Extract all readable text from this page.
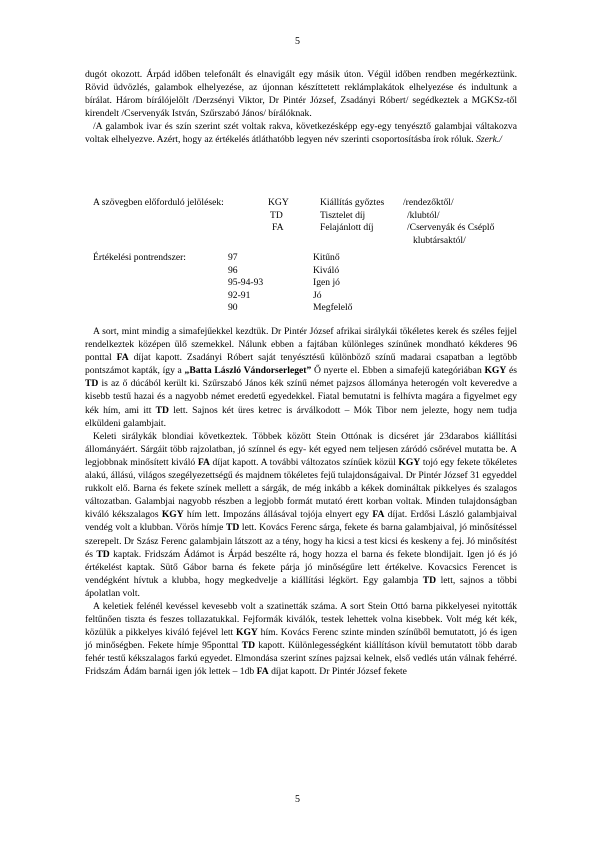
5

dugót okozott. Árpád időben telefonált és elnavigált egy másik úton. Végül időben rendben megérkeztünk. Rövid üdvözlés, galambok elhelyezése, az újonnan készíttetett reklámplakátok elhelyezése és indultunk a bírálat. Három bírálójelölt /Derzsényi Viktor, Dr Pintér József, Zsadányi Róbert/ segédkeztek a MGKSz-től kirendelt /Cservenyák István, Szűrszabó János/ bírálóknak.

/A galambok ivar és szín szerint szét voltak rakva, következésképp egy-egy tenyésztő galambjai váltakozva voltak elhelyezve. Azért, hogy az értékelés átláthatóbb legyen név szerinti csoportosításba írok róluk. Szerk./

A szövegben előforduló jelölések:	KGY	Kiállítás győztes /rendezőktől/
TD	Tisztelet díj	/klubtól/
FA	Felajánlott díj	/Cservenyák és Cséplő
klubtársaktól/
Értékelési pontrendszer:	97	Kitűnő
96	Kiváló
95-94-93	Igen jó
92-91	Jó
90	Megfelelő

A sort, mint mindig a simafejűekkel kezdtük. Dr Pintér József afrikai sirálykái tökéletes kerek és széles fejjel rendelkeztek középen ülő szemekkel. Nálunk ebben a fajtában különleges színűnek mondható kékderes 96 ponttal FA díjat kapott. Zsadányi Róbert saját tenyésztésű különböző színű madarai csapatban a legtöbb pontszámot kapták, így a „Batta László Vándorserleget” Ő nyerte el. Ebben a simafejű kategóriában KGY és TD is az ő dúcából került ki. Szűrszabó János kék színű német pajzsos állománya heterogén volt keveredve a kisebb testű hazai és a nagyobb német eredetű egyedekkel. Fiatal bemutatni is felhívta magára a figyelmet egy kék hím, ami itt TD lett. Sajnos két üres ketrec is árválkodott – Mók Tibor nem jelezte, hogy nem tudja elküldeni galambjait.

Keleti sirálykák blondiai következtek. Többek között Stein Ottónak is dicséret jár 23darabos kiállítási állományáért. Sárgáit több rajzolatban, jó színnel és egy- két egyed nem teljesen záródó csőrével mutatta be. A legjobbnak minősített kiváló FA díjat kapott. A további változatos színűek közül KGY tojó egy fekete tökéletes alakú, állású, világos szegélyezettségű és majdnem tökéletes fejű tulajdonságaival. Dr Pintér József 31 egyeddel rukkolt elő. Barna és fekete színek mellett a sárgák, de még inkább a kékek domináltak pikkelyes és szalagos változatban. Galambjai nagyobb részben a legjobb formát mutató érett korban voltak. Minden tulajdonságban kiváló kékszalagos KGY hím lett. Impozáns állásával tojója elnyert egy FA díjat. Erdősi László galambjaival vendég volt a klubban. Vörös hímje TD lett. Kovács Ferenc sárga, fekete és barna galambjaival, jó minősítéssel szerepelt. Dr Szász Ferenc galambjain látszott az a tény, hogy ha kicsi a test kicsi és keskeny a fej. Jó minősítést és TD kaptak. Fridszám Ádámot is Árpád beszélte rá, hogy hozza el barna és fekete blondijait. Igen jó és jó értékelést kaptak. Sütő Gábor barna és fekete párja jó minőségűre lett értékelve. Kovacsics Ferencet is vendégként hívtuk a klubba, hogy megkedvelje a kiállítási légkört. Egy galambja TD lett, sajnos a többi ápolatlan volt.

A keletiek felénél kevéssel kevesebb volt a szatinetták száma. A sort Stein Ottó barna pikkelyesei nyitották feltűnően tiszta és feszes tollazatukkal. Fejformák kiválók, testek lehettek volna kisebbek. Volt még két kék, közülük a pikkelyes kiváló fejével lett KGY hím. Kovács Ferenc szinte minden színűből bemutatott, jó és igen jó minőségben. Fekete hímje 95ponttal TD kapott. Különlegességként kiállításon kívül bemutatott több darab fehér testű kékszalagos farkú egyedet. Elmondása szerint színes pajzsai kelnek, első vedlés után válnak fehérré. Fridszám Ádám barnái igen jók lettek – 1db FA díjat kapott. Dr Pintér József fekete

5
